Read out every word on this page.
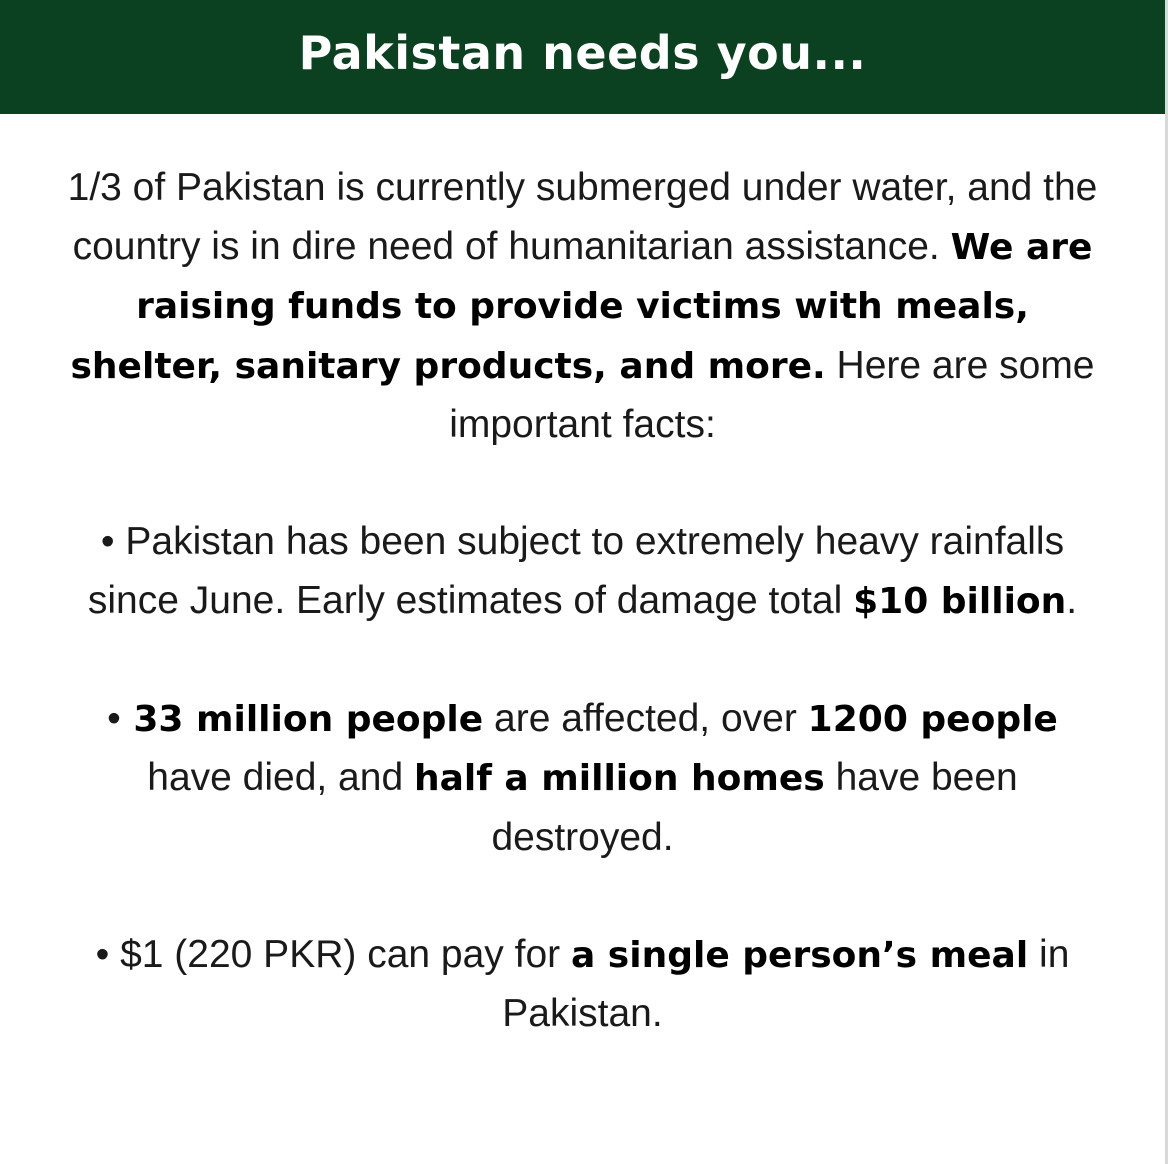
Pakistan needs you...

1/3 of Pakistan is currently submerged under water, and the country is in dire need of humanitarian assistance. We are raising funds to provide victims with meals, shelter, sanitary products, and more. Here are some important facts:

• Pakistan has been subject to extremely heavy rainfalls since June. Early estimates of damage total $10 billion.

• 33 million people are affected, over 1200 people have died, and half a million homes have been destroyed.

• $1 (220 PKR) can pay for a single person’s meal in Pakistan.
